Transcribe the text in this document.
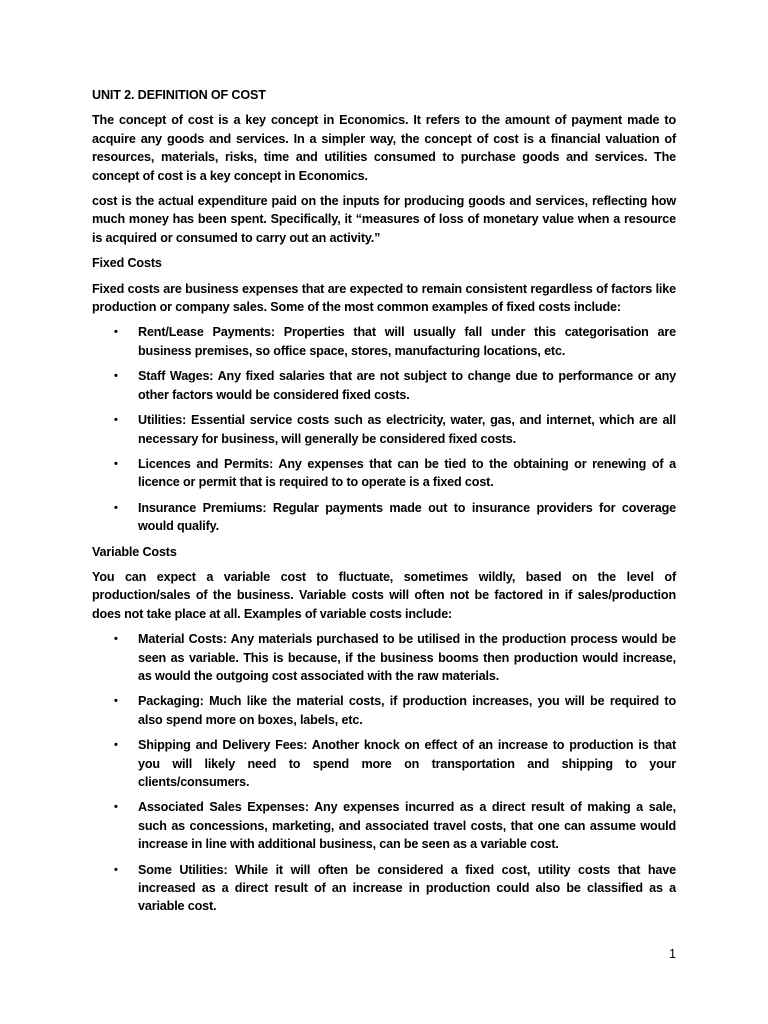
UNIT 2. DEFINITION OF COST
The concept of cost is a key concept in Economics. It refers to the amount of payment made to acquire any goods and services. In a simpler way, the concept of cost is a financial valuation of resources, materials, risks, time and utilities consumed to purchase goods and services. The concept of cost is a key concept in Economics.
cost is the actual expenditure paid on the inputs for producing goods and services, reflecting how much money has been spent. Specifically, it “measures of loss of monetary value when a resource is acquired or consumed to carry out an activity.”
Fixed Costs
Fixed costs are business expenses that are expected to remain consistent regardless of factors like production or company sales. Some of the most common examples of fixed costs include:
• Rent/Lease Payments: Properties that will usually fall under this categorisation are business premises, so office space, stores, manufacturing locations, etc.
• Staff Wages: Any fixed salaries that are not subject to change due to performance or any other factors would be considered fixed costs.
• Utilities: Essential service costs such as electricity, water, gas, and internet, which are all necessary for business, will generally be considered fixed costs.
• Licences and Permits: Any expenses that can be tied to the obtaining or renewing of a licence or permit that is required to to operate is a fixed cost.
• Insurance Premiums: Regular payments made out to insurance providers for coverage would qualify.
Variable Costs
You can expect a variable cost to fluctuate, sometimes wildly, based on the level of production/sales of the business. Variable costs will often not be factored in if sales/production does not take place at all. Examples of variable costs include:
• Material Costs: Any materials purchased to be utilised in the production process would be seen as variable. This is because, if the business booms then production would increase, as would the outgoing cost associated with the raw materials.
• Packaging: Much like the material costs, if production increases, you will be required to also spend more on boxes, labels, etc.
• Shipping and Delivery Fees: Another knock on effect of an increase to production is that you will likely need to spend more on transportation and shipping to your clients/consumers.
• Associated Sales Expenses: Any expenses incurred as a direct result of making a sale, such as concessions, marketing, and associated travel costs, that one can assume would increase in line with additional business, can be seen as a variable cost.
• Some Utilities: While it will often be considered a fixed cost, utility costs that have increased as a direct result of an increase in production could also be classified as a variable cost.
1
